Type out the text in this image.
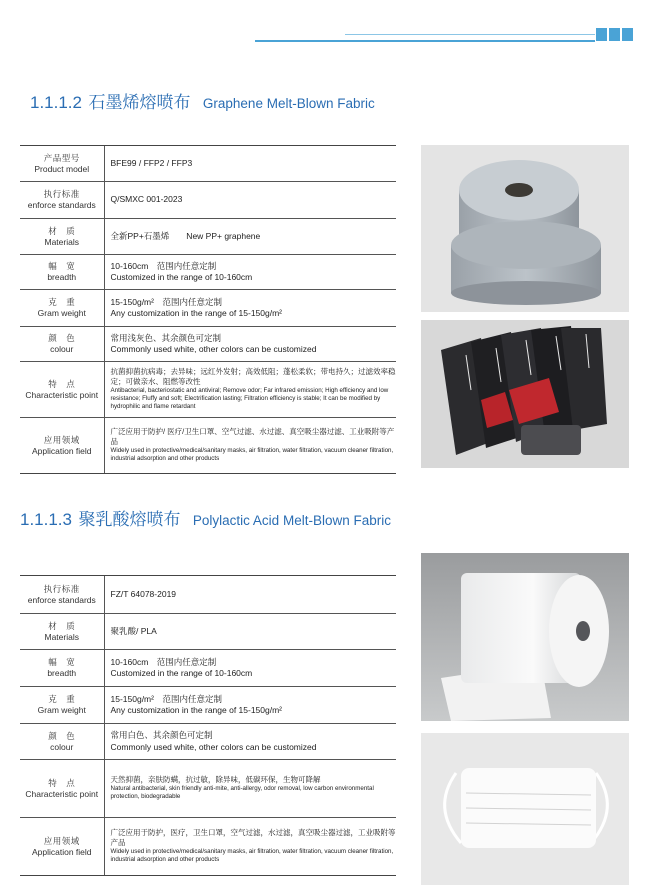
1.1.1.2 石墨烯熔喷布 Graphene Melt-Blown Fabric
产品型号
Product model	BFE99 / FFP2 / FFP3

执行标准
enforce standards	Q/SMXC 001-2023

材　质
Materials	全新PP+石墨烯　　New PP+ graphene

幅　宽
breadth	10-160cm　范围内任意定制
Customized in the range of 10-160cm

克　重
Gram weight	15-150g/m²　范围内任意定制
Any customization in the range of 15-150g/m²

颜　色
colour	常用浅灰色、其余颜色可定制
Commonly used white, other colors can be customized

特　点
Characteristic point	抗菌抑菌抗病毒；去异味；远红外发射；高效低阻；蓬松柔软；带电持久；过滤效率稳定；可做亲水、阻燃等改性
Antibacterial, bacteriostatic and antiviral; Remove odor; Far infrared emission; High efficiency and low resistance; Fluffy and soft; Electrification lasting; Filtration efficiency is stable; It can be modified by hydrophilic and flame retardant

应用领域
Application field	广泛应用于防护/ 医疗/卫生口罩、空气过滤、水过滤、真空吸尘器过滤、工业吸附等产品
Widely used in protective/medical/sanitary masks, air filtration, water filtration, vacuum cleaner filtration, industrial adsorption and other products
1.1.1.3 聚乳酸熔喷布 Polylactic Acid Melt-Blown Fabric
执行标准
enforce standards	FZ/T 64078-2019

材　质
Materials	聚乳酸/ PLA

幅　宽
breadth	10-160cm　范围内任意定制
Customized in the range of 10-160cm

克　重
Gram weight	15-150g/m²　范围内任意定制
Any customization in the range of 15-150g/m²

颜　色
colour	常用白色、其余颜色可定制
Commonly used white, other colors can be customized

特　点
Characteristic point	天然抑菌，亲肤防螨，抗过敏，除异味，低碳环保，生物可降解
Natural antibacterial, skin friendly anti-mite, anti-allergy, odor removal, low carbon environmental protection, biodegradable

应用领域
Application field	广泛应用于防护，医疗，卫生口罩，空气过滤，水过滤，真空吸尘器过滤，工业吸附等产品
Widely used in protective/medical/sanitary masks, air filtration, water filtration, vacuum cleaner filtration, industrial adsorption and other products
